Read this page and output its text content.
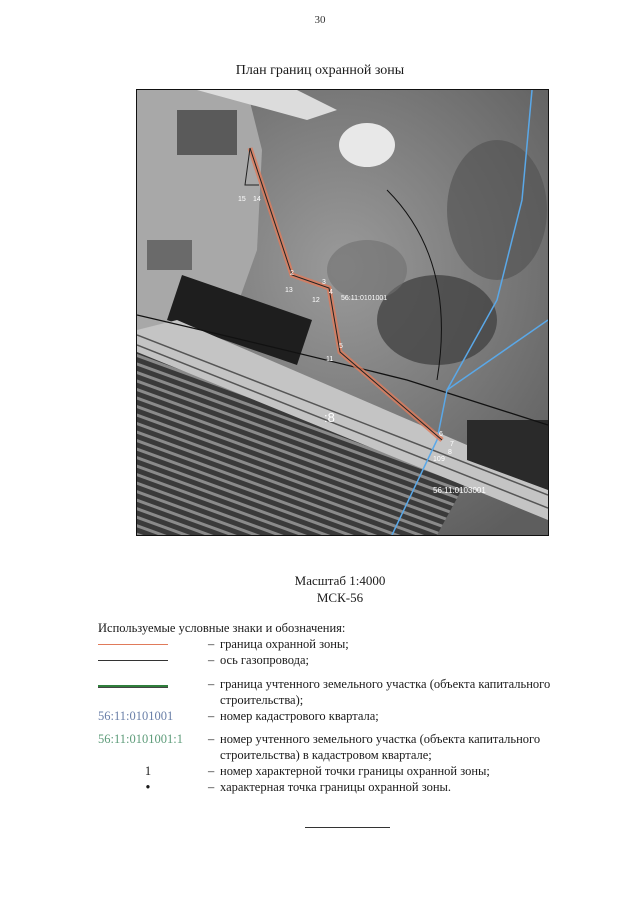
30
План границ охранной зоны
15 14
2
13
3
4
12
5
11
6
7
10 9
8
56:11:0101001
56:11:0103001
:8
Масштаб 1:4000
МСК-56
Используемые условные знаки и обозначения:
– граница охранной зоны;
– ось газопровода;
– граница учтенного земельного участка (объекта капитального строительства);
56:11:0101001	– номер кадастрового квартала;
56:11:0101001:1	– номер учтенного земельного участка (объекта капитального строительства) в кадастровом квартале;
1	– номер характерной точки границы охранной зоны;
•	– характерная точка границы охранной зоны.
